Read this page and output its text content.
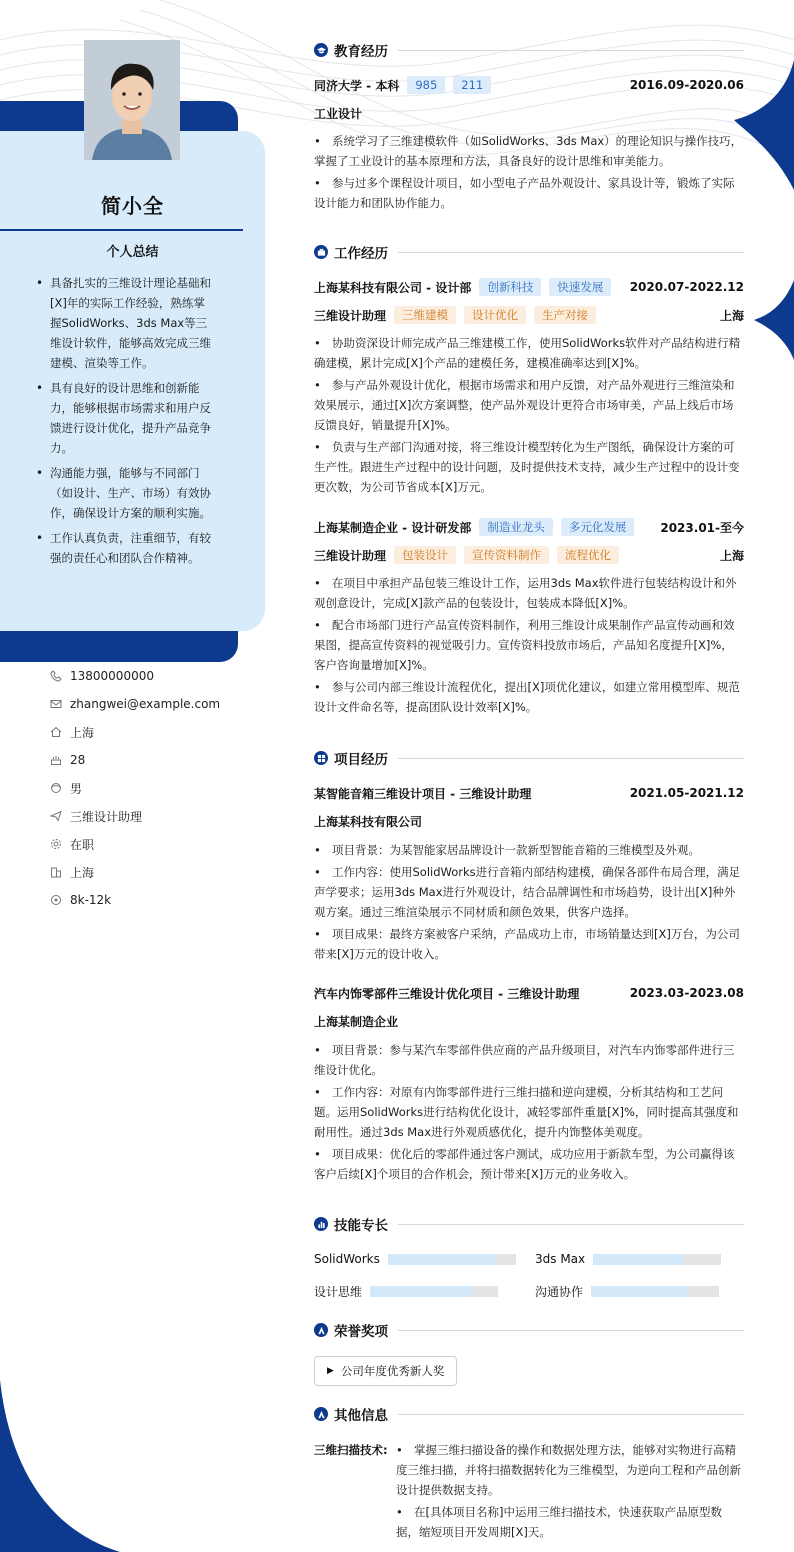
简小全
个人总结
• 具备扎实的三维设计理论基础和[X]年的实际工作经验，熟练掌握SolidWorks、3ds Max等三维设计软件，能够高效完成三维建模、渲染等工作。
• 具有良好的设计思维和创新能力，能够根据市场需求和用户反馈进行设计优化，提升产品竞争力。
• 沟通能力强，能够与不同部门（如设计、生产、市场）有效协作，确保设计方案的顺利实施。
• 工作认真负责，注重细节，有较强的责任心和团队合作精神。
13800000000
zhangwei@example.com
上海
28
男
三维设计助理
在职
上海
8k-12k
教育经历
同济大学 - 本科	985	211	2016.09-2020.06
工业设计
• 系统学习了三维建模软件（如SolidWorks、3ds Max）的理论知识与操作技巧，掌握了工业设计的基本原理和方法，具备良好的设计思维和审美能力。
• 参与过多个课程设计项目，如小型电子产品外观设计、家具设计等，锻炼了实际设计能力和团队协作能力。
工作经历
上海某科技有限公司 - 设计部	创新科技	快速发展	2020.07-2022.12
三维设计助理	三维建模	设计优化	生产对接	上海
• 协助资深设计师完成产品三维建模工作，使用SolidWorks软件对产品结构进行精确建模，累计完成[X]个产品的建模任务，建模准确率达到[X]%。
• 参与产品外观设计优化，根据市场需求和用户反馈，对产品外观进行三维渲染和效果展示，通过[X]次方案调整，使产品外观设计更符合市场审美，产品上线后市场反馈良好，销量提升[X]%。
• 负责与生产部门沟通对接，将三维设计模型转化为生产图纸，确保设计方案的可生产性。跟进生产过程中的设计问题，及时提供技术支持，减少生产过程中的设计变更次数，为公司节省成本[X]万元。
上海某制造企业 - 设计研发部	制造业龙头	多元化发展	2023.01-至今
三维设计助理	包装设计	宣传资料制作	流程优化	上海
• 在项目中承担产品包装三维设计工作，运用3ds Max软件进行包装结构设计和外观创意设计，完成[X]款产品的包装设计，包装成本降低[X]%。
• 配合市场部门进行产品宣传资料制作，利用三维设计成果制作产品宣传动画和效果图，提高宣传资料的视觉吸引力。宣传资料投放市场后，产品知名度提升[X]%，客户咨询量增加[X]%。
• 参与公司内部三维设计流程优化，提出[X]项优化建议，如建立常用模型库、规范设计文件命名等，提高团队设计效率[X]%。
项目经历
某智能音箱三维设计项目 - 三维设计助理	2021.05-2021.12
上海某科技有限公司
• 项目背景：为某智能家居品牌设计一款新型智能音箱的三维模型及外观。
• 工作内容：使用SolidWorks进行音箱内部结构建模，确保各部件布局合理，满足声学要求；运用3ds Max进行外观设计，结合品牌调性和市场趋势，设计出[X]种外观方案。通过三维渲染展示不同材质和颜色效果，供客户选择。
• 项目成果：最终方案被客户采纳，产品成功上市，市场销量达到[X]万台，为公司带来[X]万元的设计收入。
汽车内饰零部件三维设计优化项目 - 三维设计助理	2023.03-2023.08
上海某制造企业
• 项目背景：参与某汽车零部件供应商的产品升级项目，对汽车内饰零部件进行三维设计优化。
• 工作内容：对原有内饰零部件进行三维扫描和逆向建模，分析其结构和工艺问题。运用SolidWorks进行结构优化设计，减轻零部件重量[X]%，同时提高其强度和耐用性。通过3ds Max进行外观质感优化，提升内饰整体美观度。
• 项目成果：优化后的零部件通过客户测试，成功应用于新款车型，为公司赢得该客户后续[X]个项目的合作机会，预计带来[X]万元的业务收入。
技能专长
SolidWorks	3ds Max
设计思维	沟通协作
荣誉奖项
▶ 公司年度优秀新人奖
其他信息
三维扫描技术:
•	掌握三维扫描设备的操作和数据处理方法，能够对实物进行高精度三维扫描，并将扫描数据转化为三维模型，为逆向工程和产品创新设计提供数据支持。
• 在[具体项目名称]中运用三维扫描技术，快速获取产品原型数据，缩短项目开发周期[X]天。
